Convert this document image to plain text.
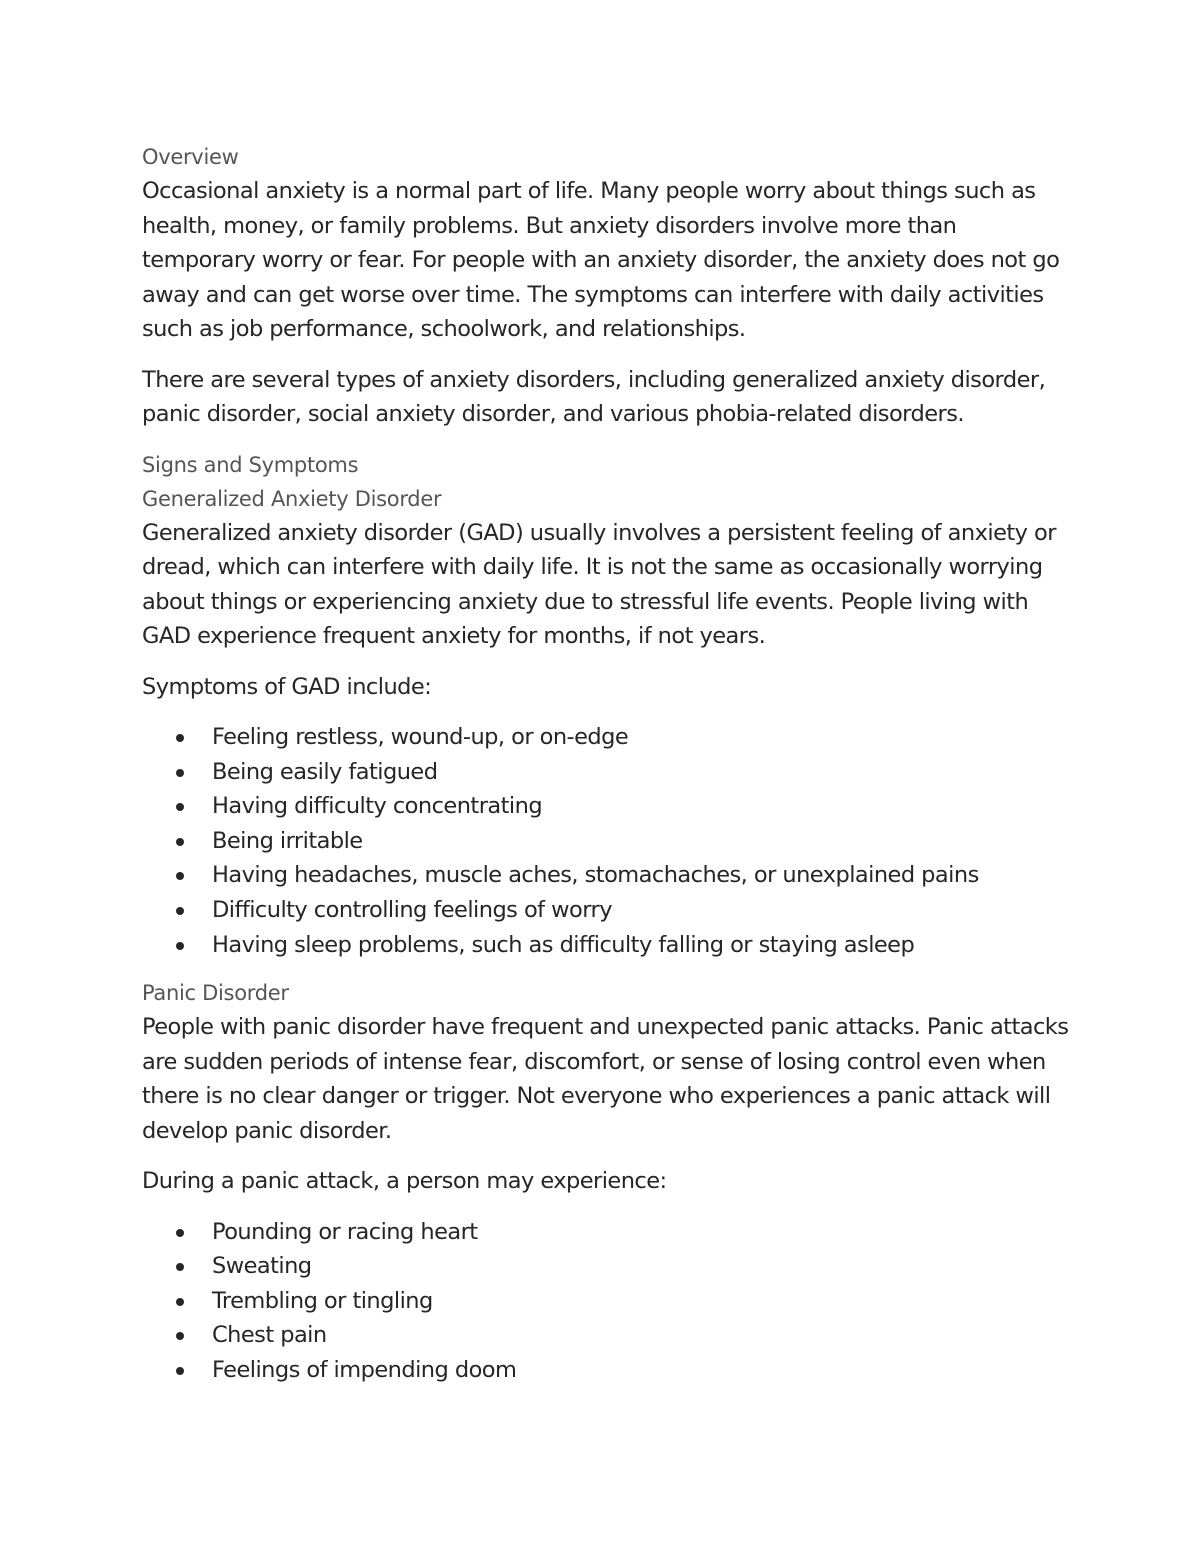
Overview

Occasional anxiety is a normal part of life. Many people worry about things such as health, money, or family problems. But anxiety disorders involve more than temporary worry or fear. For people with an anxiety disorder, the anxiety does not go away and can get worse over time. The symptoms can interfere with daily activities such as job performance, schoolwork, and relationships.

There are several types of anxiety disorders, including generalized anxiety disorder, panic disorder, social anxiety disorder, and various phobia-related disorders.

Signs and Symptoms

Generalized Anxiety Disorder

Generalized anxiety disorder (GAD) usually involves a persistent feeling of anxiety or dread, which can interfere with daily life. It is not the same as occasionally worrying about things or experiencing anxiety due to stressful life events. People living with GAD experience frequent anxiety for months, if not years.

Symptoms of GAD include:

Feeling restless, wound-up, or on-edge
Being easily fatigued
Having difficulty concentrating
Being irritable
Having headaches, muscle aches, stomachaches, or unexplained pains
Difficulty controlling feelings of worry
Having sleep problems, such as difficulty falling or staying asleep

Panic Disorder

People with panic disorder have frequent and unexpected panic attacks. Panic attacks are sudden periods of intense fear, discomfort, or sense of losing control even when there is no clear danger or trigger. Not everyone who experiences a panic attack will develop panic disorder.

During a panic attack, a person may experience:

Pounding or racing heart
Sweating
Trembling or tingling
Chest pain
Feelings of impending doom
